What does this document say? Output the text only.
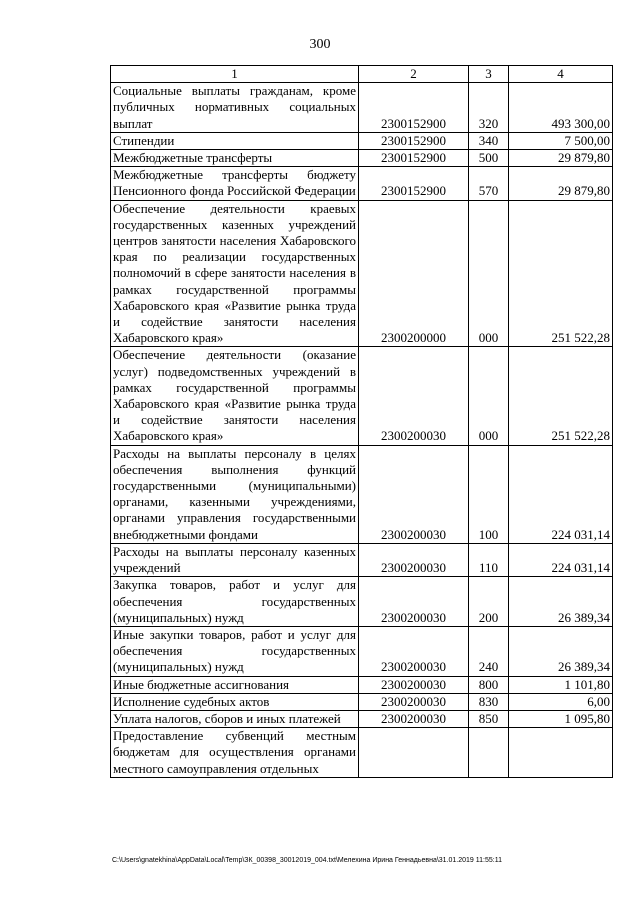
300
1	2	3	4
Социальные выплаты гражданам, кроме публичных нормативных социальных выплат	2300152900	320	493 300,00
Стипендии	2300152900	340	7 500,00
Межбюджетные трансферты	2300152900	500	29 879,80
Межбюджетные трансферты бюджету Пенсионного фонда Российской Федерации	2300152900	570	29 879,80
Обеспечение деятельности краевых государственных казенных учреждений центров занятости населения Хабаровского края по реализации государственных полномочий в сфере занятости населения в рамках государственной программы Хабаровского края «Развитие рынка труда и содействие занятости населения Хабаровского края»	2300200000	000	251 522,28
Обеспечение деятельности (оказание услуг) подведомственных учреждений в рамках государственной программы Хабаровского края «Развитие рынка труда и содействие занятости населения Хабаровского края»	2300200030	000	251 522,28
Расходы на выплаты персоналу в целях обеспечения выполнения функций государственными (муниципальными) органами, казенными учреждениями, органами управления государственными внебюджетными фондами	2300200030	100	224 031,14
Расходы на выплаты персоналу казенных учреждений	2300200030	110	224 031,14
Закупка товаров, работ и услуг для обеспечения государственных (муниципальных) нужд	2300200030	200	26 389,34
Иные закупки товаров, работ и услуг для обеспечения государственных (муниципальных) нужд	2300200030	240	26 389,34
Иные бюджетные ассигнования	2300200030	800	1 101,80
Исполнение судебных актов	2300200030	830	6,00
Уплата налогов, сборов и иных платежей	2300200030	850	1 095,80
Предоставление субвенций местным бюджетам для осуществления органами местного самоуправления отдельных			
C:\Users\gnatekhina\AppData\Local\Temp\ЗК_00398_30012019_004.txt\Мелехина Ирина Геннадьевна\31.01.2019 11:55:11
